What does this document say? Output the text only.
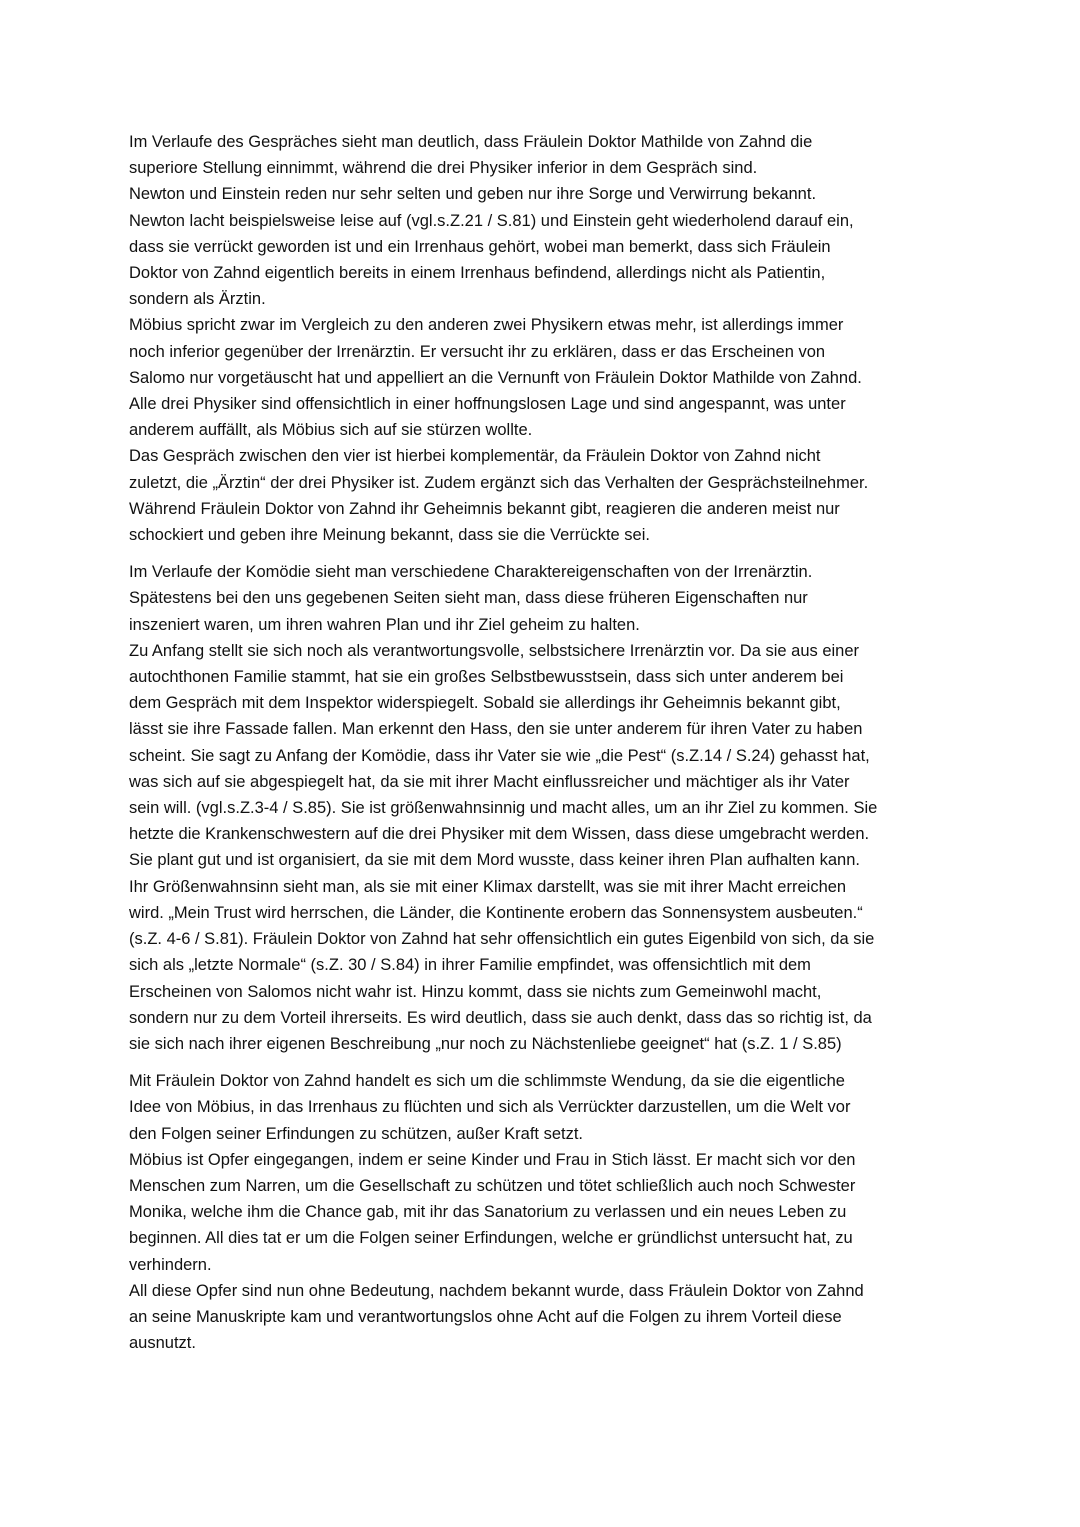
Im Verlaufe des Gespräches sieht man deutlich, dass Fräulein Doktor Mathilde von Zahnd die
superiore Stellung einnimmt, während die drei Physiker inferior in dem Gespräch sind.
Newton und Einstein reden nur sehr selten und geben nur ihre Sorge und Verwirrung bekannt.
Newton lacht beispielsweise leise auf (vgl.s.Z.21 / S.81) und Einstein geht wiederholend darauf ein,
dass sie verrückt geworden ist und ein Irrenhaus gehört, wobei man bemerkt, dass sich Fräulein
Doktor von Zahnd eigentlich bereits in einem Irrenhaus befindend, allerdings nicht als Patientin,
sondern als Ärztin.
Möbius spricht zwar im Vergleich zu den anderen zwei Physikern etwas mehr, ist allerdings immer
noch inferior gegenüber der Irrenärztin. Er versucht ihr zu erklären, dass er das Erscheinen von
Salomo nur vorgetäuscht hat und appelliert an die Vernunft von Fräulein Doktor Mathilde von Zahnd.
Alle drei Physiker sind offensichtlich in einer hoffnungslosen Lage und sind angespannt, was unter
anderem auffällt, als Möbius sich auf sie stürzen wollte.
Das Gespräch zwischen den vier ist hierbei komplementär, da Fräulein Doktor von Zahnd nicht
zuletzt, die „Ärztin“ der drei Physiker ist. Zudem ergänzt sich das Verhalten der Gesprächsteilnehmer.
Während Fräulein Doktor von Zahnd ihr Geheimnis bekannt gibt, reagieren die anderen meist nur
schockiert und geben ihre Meinung bekannt, dass sie die Verrückte sei.
Im Verlaufe der Komödie sieht man verschiedene Charaktereigenschaften von der Irrenärztin.
Spätestens bei den uns gegebenen Seiten sieht man, dass diese früheren Eigenschaften nur
inszeniert waren, um ihren wahren Plan und ihr Ziel geheim zu halten.
Zu Anfang stellt sie sich noch als verantwortungsvolle, selbstsichere Irrenärztin vor. Da sie aus einer
autochthonen Familie stammt, hat sie ein großes Selbstbewusstsein, dass sich unter anderem bei
dem Gespräch mit dem Inspektor widerspiegelt. Sobald sie allerdings ihr Geheimnis bekannt gibt,
lässt sie ihre Fassade fallen. Man erkennt den Hass, den sie unter anderem für ihren Vater zu haben
scheint. Sie sagt zu Anfang der Komödie, dass ihr Vater sie wie „die Pest“ (s.Z.14 / S.24) gehasst hat,
was sich auf sie abgespiegelt hat, da sie mit ihrer Macht einflussreicher und mächtiger als ihr Vater
sein will. (vgl.s.Z.3-4 / S.85). Sie ist größenwahnsinnig und macht alles, um an ihr Ziel zu kommen. Sie
hetzte die Krankenschwestern auf die drei Physiker mit dem Wissen, dass diese umgebracht werden.
Sie plant gut und ist organisiert, da sie mit dem Mord wusste, dass keiner ihren Plan aufhalten kann.
Ihr Größenwahnsinn sieht man, als sie mit einer Klimax darstellt, was sie mit ihrer Macht erreichen
wird. „Mein Trust wird herrschen, die Länder, die Kontinente erobern das Sonnensystem ausbeuten.“
(s.Z. 4-6 / S.81). Fräulein Doktor von Zahnd hat sehr offensichtlich ein gutes Eigenbild von sich, da sie
sich als „letzte Normale“ (s.Z. 30 / S.84) in ihrer Familie empfindet, was offensichtlich mit dem
Erscheinen von Salomos nicht wahr ist. Hinzu kommt, dass sie nichts zum Gemeinwohl macht,
sondern nur zu dem Vorteil ihrerseits. Es wird deutlich, dass sie auch denkt, dass das so richtig ist, da
sie sich nach ihrer eigenen Beschreibung „nur noch zu Nächstenliebe geeignet“ hat (s.Z. 1 / S.85)
Mit Fräulein Doktor von Zahnd handelt es sich um die schlimmste Wendung, da sie die eigentliche
Idee von Möbius, in das Irrenhaus zu flüchten und sich als Verrückter darzustellen, um die Welt vor
den Folgen seiner Erfindungen zu schützen, außer Kraft setzt.
Möbius ist Opfer eingegangen, indem er seine Kinder und Frau in Stich lässt. Er macht sich vor den
Menschen zum Narren, um die Gesellschaft zu schützen und tötet schließlich auch noch Schwester
Monika, welche ihm die Chance gab, mit ihr das Sanatorium zu verlassen und ein neues Leben zu
beginnen. All dies tat er um die Folgen seiner Erfindungen, welche er gründlichst untersucht hat, zu
verhindern.
All diese Opfer sind nun ohne Bedeutung, nachdem bekannt wurde, dass Fräulein Doktor von Zahnd
an seine Manuskripte kam und verantwortungslos ohne Acht auf die Folgen zu ihrem Vorteil diese
ausnutzt.
